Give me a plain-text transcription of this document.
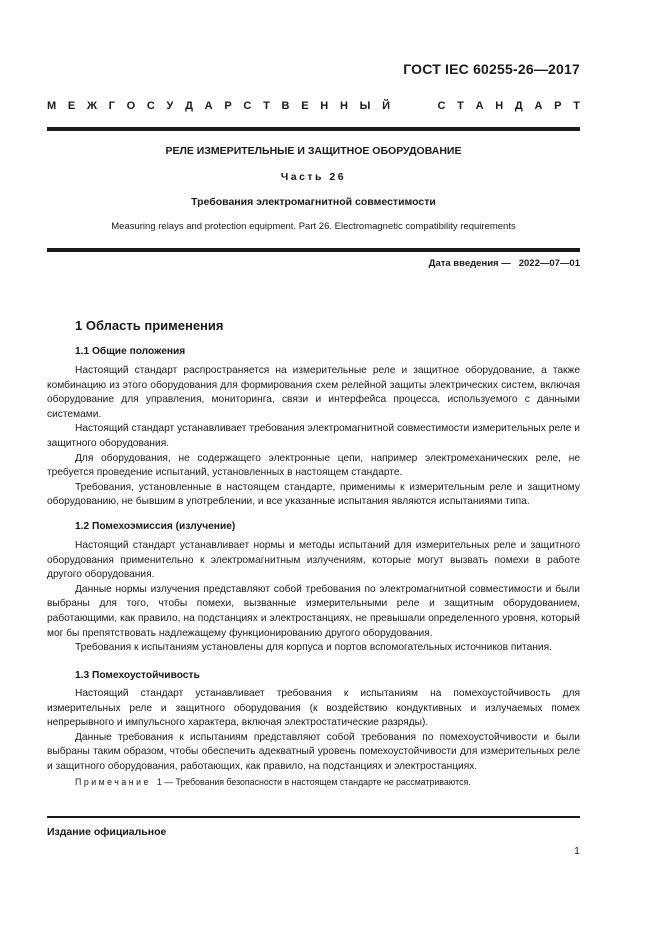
ГОСТ IEC 60255-26—2017
М Е Ж Г О С У Д А Р С Т В Е Н Н Ы Й	С Т А Н Д А Р Т
РЕЛЕ ИЗМЕРИТЕЛЬНЫЕ И ЗАЩИТНОЕ ОБОРУДОВАНИЕ
Часть 26
Требования электромагнитной совместимости
Measuring relays and protection equipment. Part 26. Electromagnetic compatibility requirements
Дата введения — 2022—07—01
1 Область применения
1.1 Общие положения

Настоящий стандарт распространяется на измерительные реле и защитное оборудование, а также комбинацию из этого оборудования для формирования схем релейной защиты электрических систем, включая оборудование для управления, мониторинга, связи и интерфейса процесса, используемого с данными системами.

Настоящий стандарт устанавливает требования электромагнитной совместимости измерительных реле и защитного оборудования.

Для оборудования, не содержащего электронные цепи, например электромеханических реле, не требуется проведение испытаний, установленных в настоящем стандарте.

Требования, установленные в настоящем стандарте, применимы к измерительным реле и защитному оборудованию, не бывшим в употреблении, и все указанные испытания являются испытаниями типа.

1.2 Помехоэмиссия (излучение)

Настоящий стандарт устанавливает нормы и методы испытаний для измерительных реле и защитного оборудования применительно к электромагнитным излучениям, которые могут вызвать помехи в работе другого оборудования.

Данные нормы излучения представляют собой требования по электромагнитной совместимости и были выбраны для того, чтобы помехи, вызванные измерительными реле и защитным оборудованием, работающими, как правило, на подстанциях и электростанциях, не превышали определенного уровня, который мог бы препятствовать надлежащему функционированию другого оборудования.

Требования к испытаниям установлены для корпуса и портов вспомогательных источников питания.

1.3 Помехоустойчивость

Настоящий стандарт устанавливает требования к испытаниям на помехоустойчивость для измерительных реле и защитного оборудования (к воздействию кондуктивных и излучаемых помех непрерывного и импульсного характера, включая электростатические разряды).

Данные требования к испытаниям представляют собой требования по помехоустойчивости и были выбраны таким образом, чтобы обеспечить адекватный уровень помехоустойчивости для измерительных реле и защитного оборудования, работающих, как правило, на подстанциях и электростанциях.

Примечание 1 — Требования безопасности в настоящем стандарте не рассматриваются.
Издание официальное
1
